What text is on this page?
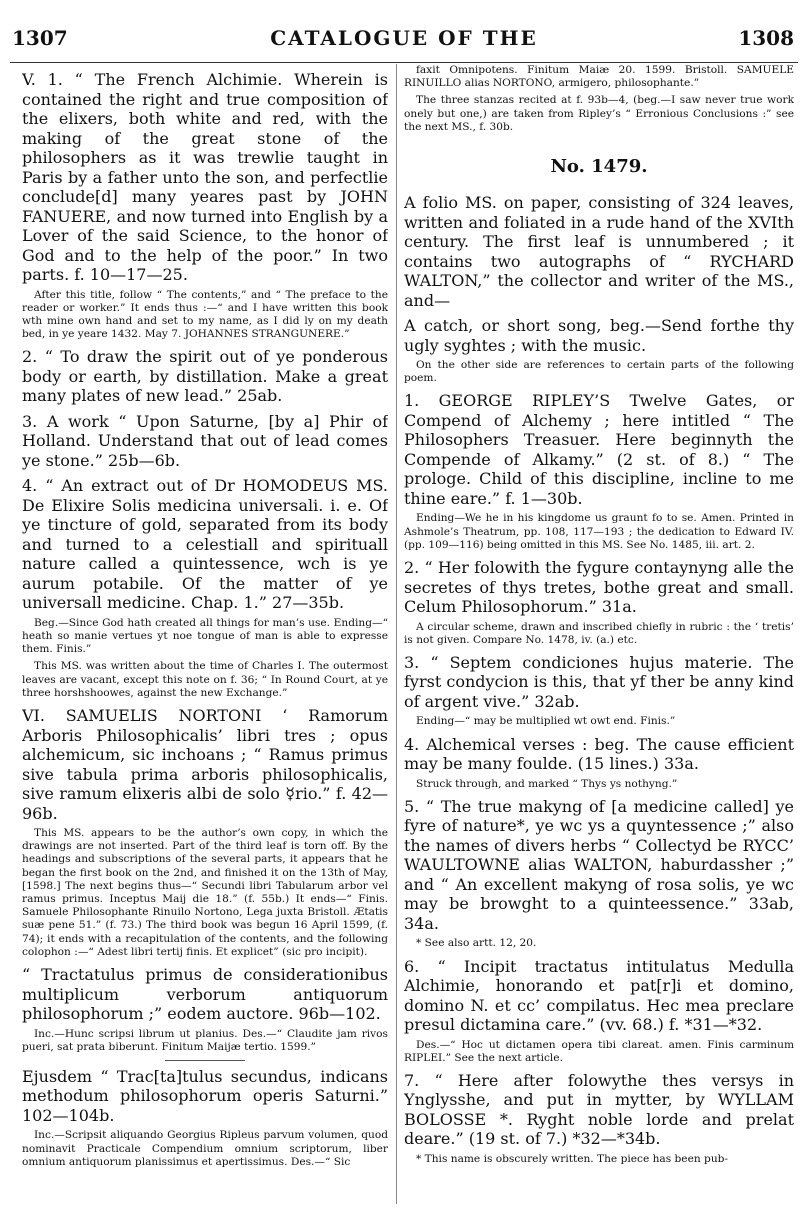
1307	CATALOGUE OF THE	1308

V. 1. “ The French Alchimie. Wherein is contained the right and true composition of the elixers, both white and red, with the making of the great stone of the philosophers as it was trewlie taught in Paris by a father unto the son, and perfectlie conclude[d] many yeares past by JOHN FANUERE, and now turned into English by a Lover of the said Science, to the honor of God and to the help of the poor.” In two parts. f. 10—17—25.

After this title, follow “ The contents,” and “ The preface to the reader or worker.” It ends thus :—“ and I have written this book wth mine own hand and set to my name, as I did ly on my death bed, in ye yeare 1432. May 7. JOHANNES STRANGUNERE.”

2. “ To draw the spirit out of ye ponderous body or earth, by distillation. Make a great many plates of new lead.” 25ab.

3. A work “ Upon Saturne, [by a] Phir of Holland. Understand that out of lead comes ye stone.” 25b—6b.

4. “ An extract out of Dr HOMODEUS MS. De Elixire Solis medicina universali. i. e. Of ye tincture of gold, separated from its body and turned to a celestiall and spirituall nature called a quintessence, wch is ye aurum potabile. Of the matter of ye universall medicine. Chap. 1.” 27—35b.

Beg.—Since God hath created all things for man’s use. Ending—“ heath so manie vertues yt noe tongue of man is able to expresse them. Finis.”

This MS. was written about the time of Charles I. The outermost leaves are vacant, except this note on f. 36; “ In Round Court, at ye three horshshoowes, against the new Exchange.”

VI. SAMUELIS NORTONI ‘ Ramorum Arboris Philosophicalis’ libri tres ; opus alchemicum, sic inchoans ; “ Ramus primus sive tabula prima arboris philosophicalis, sive ramum elixeris albi de solo ☿rio.” f. 42—96b.

This MS. appears to be the author’s own copy, in which the drawings are not inserted. Part of the third leaf is torn off. By the headings and subscriptions of the several parts, it appears that he began the first book on the 2nd, and finished it on the 13th of May, [1598.] The next begins thus—“ Secundi libri Tabularum arbor vel ramus primus. Inceptus Maij die 18.” (f. 55b.) It ends—“ Finis. Samuele Philosophante Rinuilo Nortono, Lega juxta Bristoll. Ætatis suæ pene 51.” (f. 73.) The third book was begun 16 April 1599, (f. 74); it ends with a recapitulation of the contents, and the following colophon :—“ Adest libri tertij finis. Et explicet” (sic pro incipit).

“ Tractatulus primus de considerationibus multiplicum verborum antiquorum philosophorum ;” eodem auctore. 96b—102.

Inc.—Hunc scripsi librum ut planius. Des.—“ Claudite jam rivos pueri, sat prata biberunt. Finitum Maijæ tertio. 1599.”

Ejusdem “ Trac[ta]tulus secundus, indicans methodum philosophorum operis Saturni.” 102—104b.

Inc.—Scripsit aliquando Georgius Ripleus parvum volumen, quod nominavit Practicale Compendium omnium scriptorum, liber omnium antiquorum planissimus et apertissimus. Des.—“ Sic

faxit Omnipotens. Finitum Maiæ 20. 1599. Bristoll. SAMUELE RINUILLO alias NORTONO, armigero, philosophante.”

The three stanzas recited at f. 93b—4, (beg.—I saw never true work onely but one,) are taken from Ripley’s “ Erronious Conclusions :” see the next MS., f. 30b.

No. 1479.

A folio MS. on paper, consisting of 324 leaves, written and foliated in a rude hand of the XVIth century. The first leaf is unnumbered ; it contains two autographs of “ RYCHARD WALTON,” the collector and writer of the MS., and—

A catch, or short song, beg.—Send forthe thy ugly syghtes ; with the music.

On the other side are references to certain parts of the following poem.

1. GEORGE RIPLEY’S Twelve Gates, or Compend of Alchemy ; here intitled “ The Philosophers Treasuer. Here beginnyth the Compende of Alkamy.” (2 st. of 8.) “ The prologe. Child of this discipline, incline to me thine eare.” f. 1—30b.

Ending—We he in his kingdome us graunt fo to se. Amen. Printed in Ashmole’s Theatrum, pp. 108, 117—193 ; the dedication to Edward IV. (pp. 109—116) being omitted in this MS. See No. 1485, iii. art. 2.

2. “ Her folowith the fygure contaynyng alle the secretes of thys tretes, bothe great and small. Celum Philosophorum.” 31a.

A circular scheme, drawn and inscribed chiefly in rubric : the ‘ tretis’ is not given. Compare No. 1478, iv. (a.) etc.

3. “ Septem condiciones hujus materie. The fyrst condycion is this, that yf ther be anny kind of argent vive.” 32ab.

Ending—“ may be multiplied wt owt end. Finis.”

4. Alchemical verses : beg. The cause efficient may be many foulde. (15 lines.) 33a.

Struck through, and marked “ Thys ys nothyng.”

5. “ The true makyng of [a medicine called] ye fyre of nature*, ye wc ys a quyntessence ;” also the names of divers herbs “ Collectyd be RYCC’ WAULTOWNE alias WALTON, haburdassher ;” and “ An excellent makyng of rosa solis, ye wc may be browght to a quinteessence.” 33ab, 34a.

* See also artt. 12, 20.

6. “ Incipit tractatus intitulatus Medulla Alchimie, honorando et pat[r]i et domino, domino N. et cc’ compilatus. Hec mea preclare presul dictamina care.” (vv. 68.) f. *31—*32.

Des.—“ Hoc ut dictamen opera tibi clareat. amen. Finis carminum RIPLEI.” See the next article.

7. “ Here after folowythe thes versys in Ynglysshe, and put in mytter, by WYLLAM BOLOSSE *. Ryght noble lorde and prelat deare.” (19 st. of 7.) *32—*34b.

* This name is obscurely written. The piece has been pub-
